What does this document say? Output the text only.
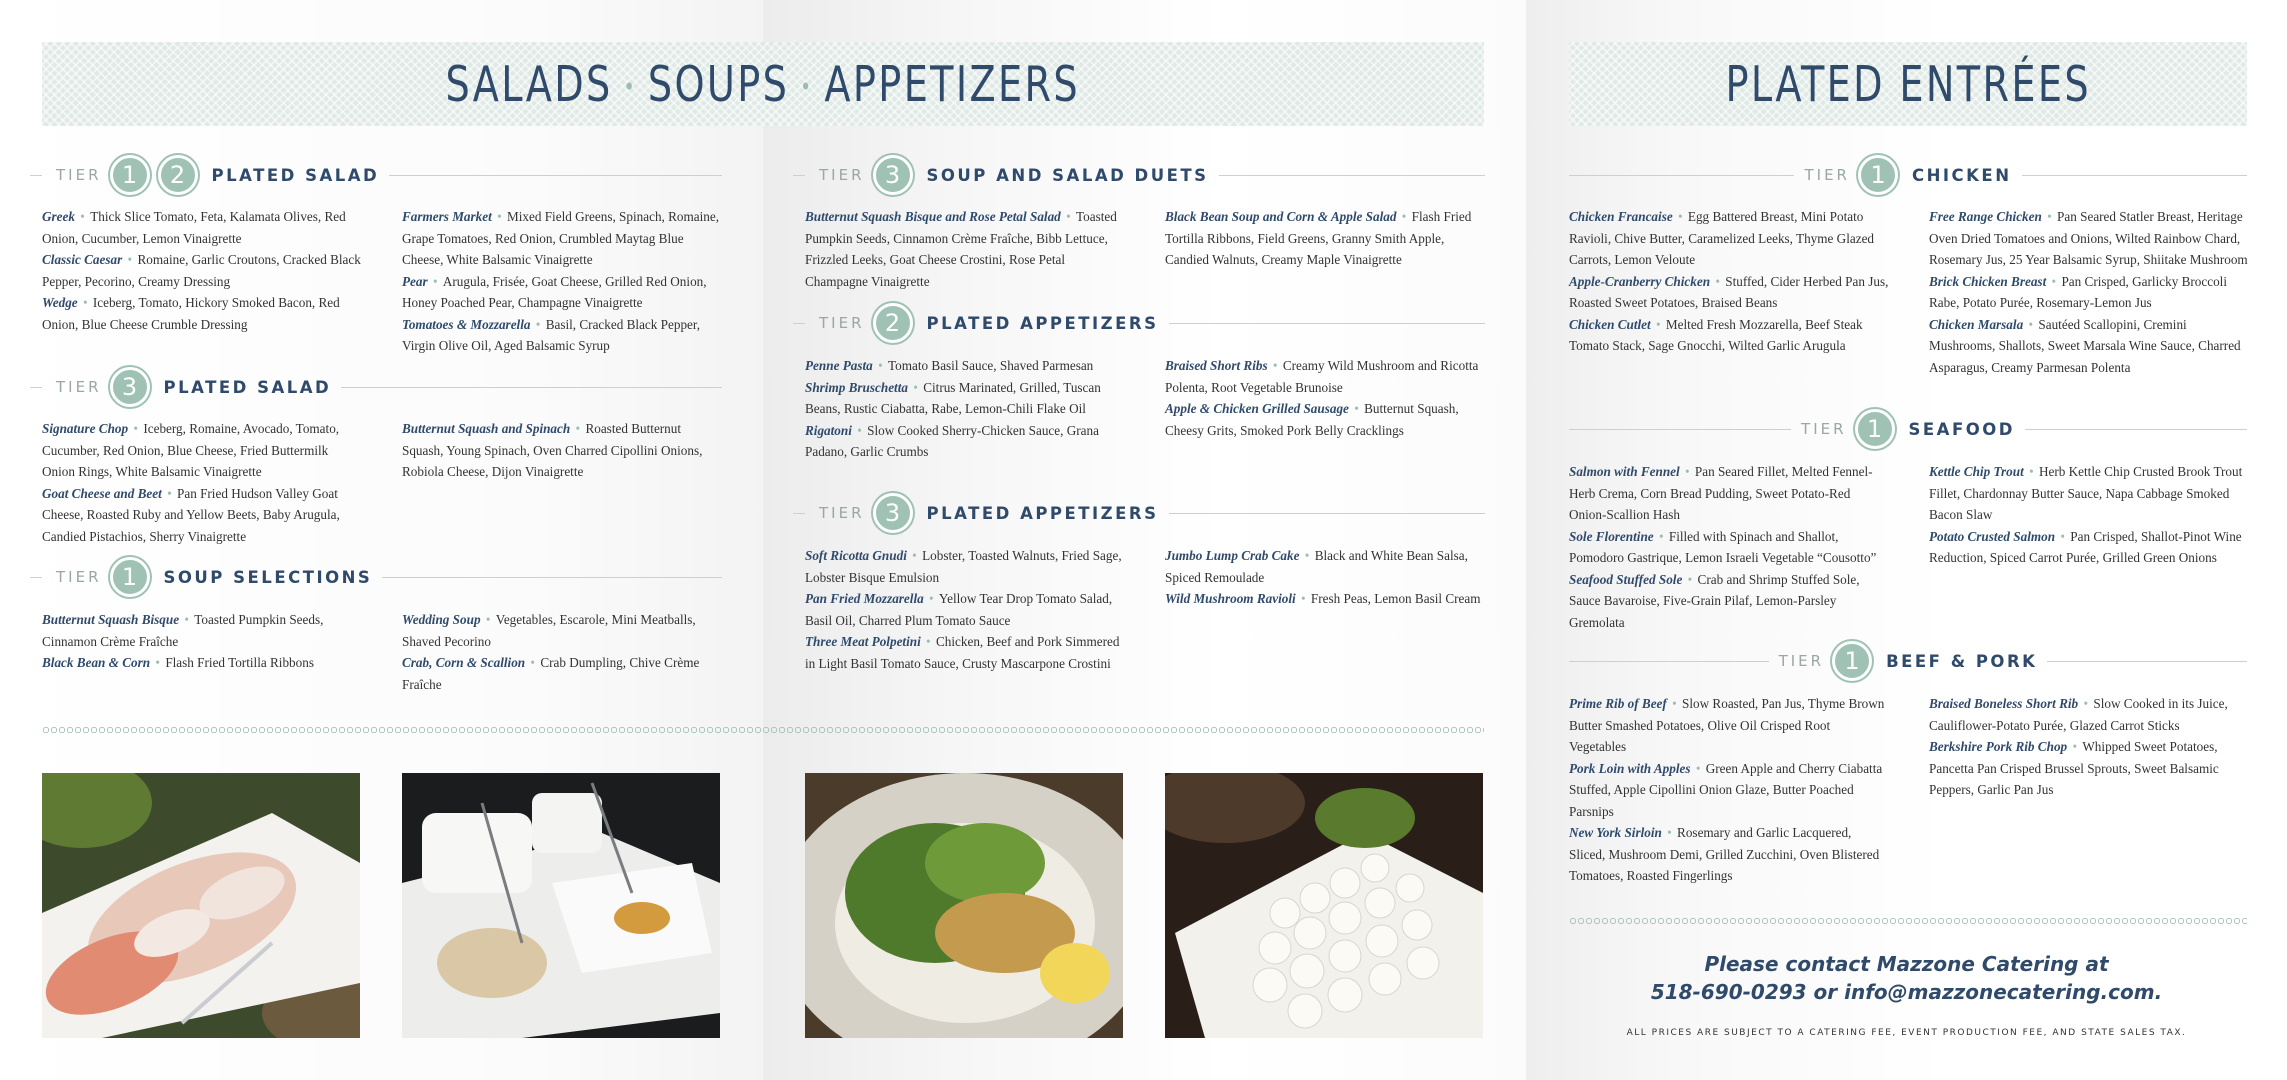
SALADS • SOUPS • APPETIZERS	PLATED ENTRÉES
TIER 1 2 PLATED SALAD
Greek • Thick Slice Tomato, Feta, Kalamata Olives, Red Onion, Cucumber, Lemon Vinaigrette
Classic Caesar • Romaine, Garlic Croutons, Cracked Black Pepper, Pecorino, Creamy Dressing
Wedge • Iceberg, Tomato, Hickory Smoked Bacon, Red Onion, Blue Cheese Crumble Dressing
Farmers Market • Mixed Field Greens, Spinach, Romaine, Grape Tomatoes, Red Onion, Crumbled Maytag Blue Cheese, White Balsamic Vinaigrette
Pear • Arugula, Frisée, Goat Cheese, Grilled Red Onion, Honey Poached Pear, Champagne Vinaigrette
Tomatoes & Mozzarella • Basil, Cracked Black Pepper, Virgin Olive Oil, Aged Balsamic Syrup
TIER 3 PLATED SALAD
Signature Chop • Iceberg, Romaine, Avocado, Tomato, Cucumber, Red Onion, Blue Cheese, Fried Buttermilk Onion Rings, White Balsamic Vinaigrette
Goat Cheese and Beet • Pan Fried Hudson Valley Goat Cheese, Roasted Ruby and Yellow Beets, Baby Arugula, Candied Pistachios, Sherry Vinaigrette
Butternut Squash and Spinach • Roasted Butternut Squash, Young Spinach, Oven Charred Cipollini Onions, Robiola Cheese, Dijon Vinaigrette
TIER 1 SOUP SELECTIONS
Butternut Squash Bisque • Toasted Pumpkin Seeds, Cinnamon Crème Fraîche
Black Bean & Corn • Flash Fried Tortilla Ribbons
Wedding Soup • Vegetables, Escarole, Mini Meatballs, Shaved Pecorino
Crab, Corn & Scallion • Crab Dumpling, Chive Crème Fraîche
TIER 3 SOUP AND SALAD DUETS
Butternut Squash Bisque and Rose Petal Salad • Toasted Pumpkin Seeds, Cinnamon Crème Fraîche, Bibb Lettuce, Frizzled Leeks, Goat Cheese Crostini, Rose Petal Champagne Vinaigrette
Black Bean Soup and Corn & Apple Salad • Flash Fried Tortilla Ribbons, Field Greens, Granny Smith Apple, Candied Walnuts, Creamy Maple Vinaigrette
TIER 2 PLATED APPETIZERS
Penne Pasta • Tomato Basil Sauce, Shaved Parmesan
Shrimp Bruschetta • Citrus Marinated, Grilled, Tuscan Beans, Rustic Ciabatta, Rabe, Lemon-Chili Flake Oil
Rigatoni • Slow Cooked Sherry-Chicken Sauce, Grana Padano, Garlic Crumbs
Braised Short Ribs • Creamy Wild Mushroom and Ricotta Polenta, Root Vegetable Brunoise
Apple & Chicken Grilled Sausage • Butternut Squash, Cheesy Grits, Smoked Pork Belly Cracklings
TIER 3 PLATED APPETIZERS
Soft Ricotta Gnudi • Lobster, Toasted Walnuts, Fried Sage, Lobster Bisque Emulsion
Pan Fried Mozzarella • Yellow Tear Drop Tomato Salad, Basil Oil, Charred Plum Tomato Sauce
Three Meat Polpetini • Chicken, Beef and Pork Simmered in Light Basil Tomato Sauce, Crusty Mascarpone Crostini
Jumbo Lump Crab Cake • Black and White Bean Salsa, Spiced Remoulade
Wild Mushroom Ravioli • Fresh Peas, Lemon Basil Cream
TIER 1 CHICKEN
Chicken Francaise • Egg Battered Breast, Mini Potato Ravioli, Chive Butter, Caramelized Leeks, Thyme Glazed Carrots, Lemon Veloute
Apple-Cranberry Chicken • Stuffed, Cider Herbed Pan Jus, Roasted Sweet Potatoes, Braised Beans
Chicken Cutlet • Melted Fresh Mozzarella, Beef Steak Tomato Stack, Sage Gnocchi, Wilted Garlic Arugula
Free Range Chicken • Pan Seared Statler Breast, Heritage Oven Dried Tomatoes and Onions, Wilted Rainbow Chard, Rosemary Jus, 25 Year Balsamic Syrup, Shiitake Mushroom
Brick Chicken Breast • Pan Crisped, Garlicky Broccoli Rabe, Potato Purée, Rosemary-Lemon Jus
Chicken Marsala • Sautéed Scallopini, Cremini Mushrooms, Shallots, Sweet Marsala Wine Sauce, Charred Asparagus, Creamy Parmesan Polenta
TIER 1 SEAFOOD
Salmon with Fennel • Pan Seared Fillet, Melted Fennel-Herb Crema, Corn Bread Pudding, Sweet Potato-Red Onion-Scallion Hash
Sole Florentine • Filled with Spinach and Shallot, Pomodoro Gastrique, Lemon Israeli Vegetable “Cousotto”
Seafood Stuffed Sole • Crab and Shrimp Stuffed Sole, Sauce Bavaroise, Five-Grain Pilaf, Lemon-Parsley Gremolata
Kettle Chip Trout • Herb Kettle Chip Crusted Brook Trout Fillet, Chardonnay Butter Sauce, Napa Cabbage Smoked Bacon Slaw
Potato Crusted Salmon • Pan Crisped, Shallot-Pinot Wine Reduction, Spiced Carrot Purée, Grilled Green Onions
TIER 1 BEEF & PORK
Prime Rib of Beef • Slow Roasted, Pan Jus, Thyme Brown Butter Smashed Potatoes, Olive Oil Crisped Root Vegetables
Pork Loin with Apples • Green Apple and Cherry Ciabatta Stuffed, Apple Cipollini Onion Glaze, Butter Poached Parsnips
New York Sirloin • Rosemary and Garlic Lacquered, Sliced, Mushroom Demi, Grilled Zucchini, Oven Blistered Tomatoes, Roasted Fingerlings
Braised Boneless Short Rib • Slow Cooked in its Juice, Cauliflower-Potato Purée, Glazed Carrot Sticks
Berkshire Pork Rib Chop • Whipped Sweet Potatoes, Pancetta Pan Crisped Brussel Sprouts, Sweet Balsamic Peppers, Garlic Pan Jus
Please contact Mazzone Catering at
518-690-0293 or info@mazzonecatering.com.
ALL PRICES ARE SUBJECT TO A CATERING FEE, EVENT PRODUCTION FEE, AND STATE SALES TAX.
